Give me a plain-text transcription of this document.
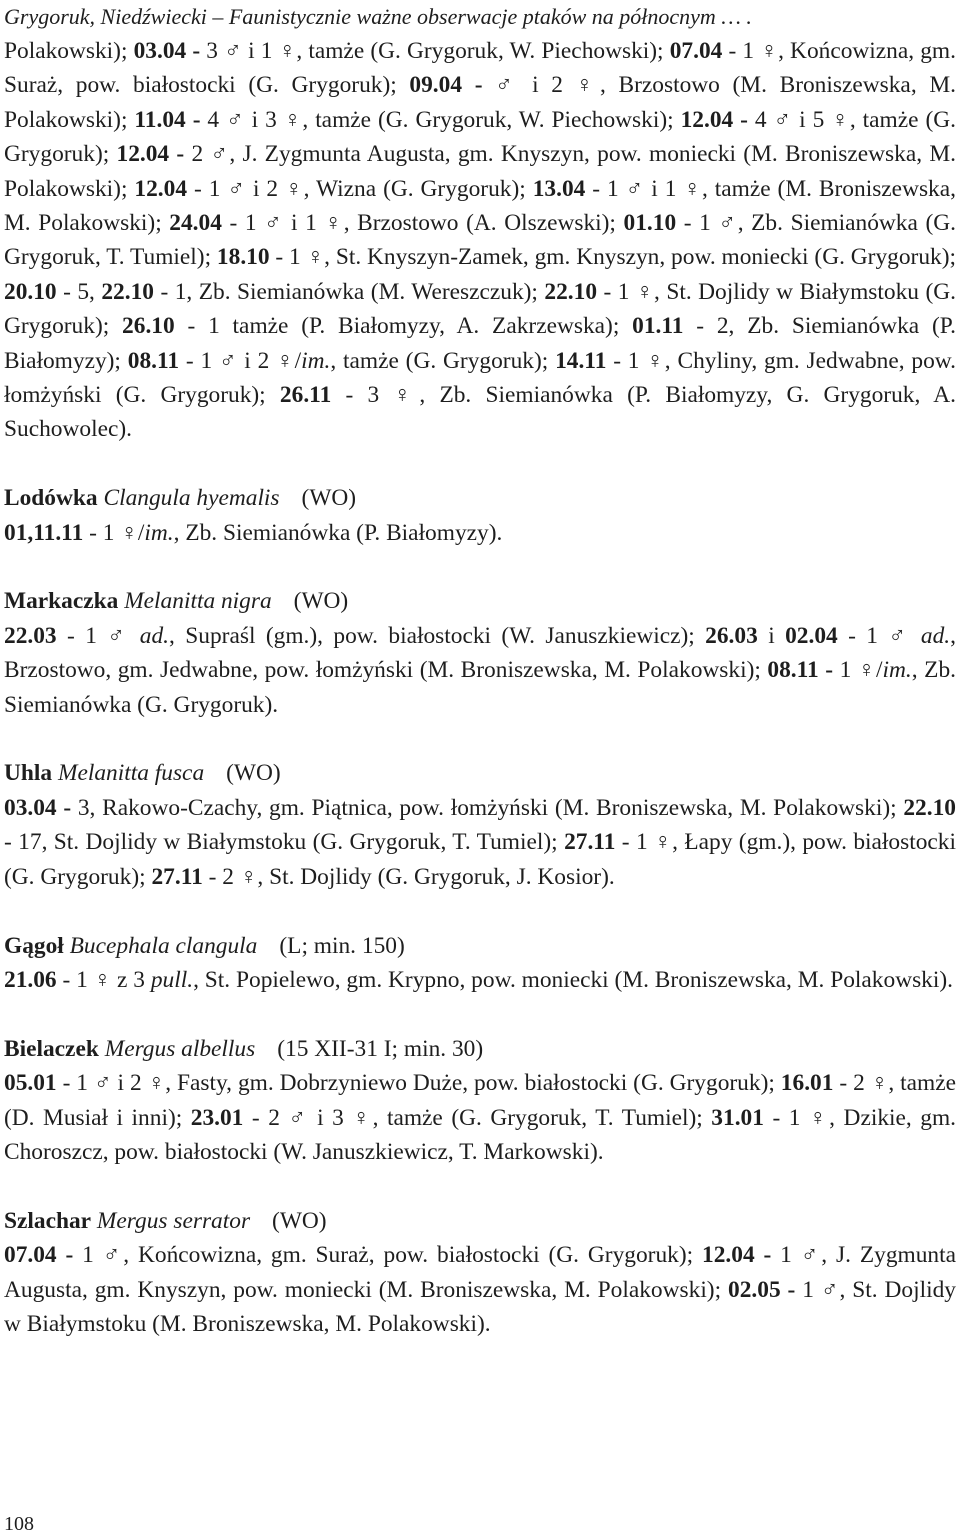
Grygoruk, Niedźwiecki – Faunistycznie ważne obserwacje ptaków na północnym … .

Polakowski); 03.04 - 3 ♂ i 1 ♀, tamże (G. Grygoruk, W. Piechowski); 07.04 - 1 ♀, Końcowizna, gm. Suraż, pow. białostocki (G. Grygoruk); 09.04 - ♂ i 2 ♀, Brzostowo (M. Broniszewska, M. Polakowski); 11.04 - 4 ♂ i 3 ♀, tamże (G. Grygoruk, W. Piechowski); 12.04 - 4 ♂ i 5 ♀, tamże (G. Grygoruk); 12.04 - 2 ♂, J. Zygmunta Augusta, gm. Knyszyn, pow. moniecki (M. Broniszewska, M. Polakowski); 12.04 - 1 ♂ i 2 ♀, Wizna (G. Grygoruk); 13.04 - 1 ♂ i 1 ♀, tamże (M. Broniszewska, M. Polakowski); 24.04 - 1 ♂ i 1 ♀, Brzostowo (A. Olszewski); 01.10 - 1 ♂, Zb. Siemianówka (G. Grygoruk, T. Tumiel); 18.10 - 1 ♀, St. Knyszyn-Zamek, gm. Knyszyn, pow. moniecki (G. Grygoruk); 20.10 - 5, 22.10 - 1, Zb. Siemianówka (M. Wereszczuk); 22.10 - 1 ♀, St. Dojlidy w Białymstoku (G. Grygoruk); 26.10 - 1 tamże (P. Białomyzy, A. Zakrzewska); 01.11 - 2, Zb. Siemianówka (P. Białomyzy); 08.11 - 1 ♂ i 2 ♀/im., tamże (G. Grygoruk); 14.11 - 1 ♀, Chyliny, gm. Jedwabne, pow. łomżyński (G. Grygoruk); 26.11 - 3 ♀, Zb. Siemianówka (P. Białomyzy, G. Grygoruk, A. Suchowolec).

Lodówka Clangula hyemalis (WO)

01,11.11 - 1 ♀/im., Zb. Siemianówka (P. Białomyzy).

Markaczka Melanitta nigra (WO)

22.03 - 1 ♂ ad., Supraśl (gm.), pow. białostocki (W. Januszkiewicz); 26.03 i 02.04 - 1 ♂ ad., Brzostowo, gm. Jedwabne, pow. łomżyński (M. Broniszewska, M. Polakowski); 08.11 - 1 ♀/im., Zb. Siemianówka (G. Grygoruk).

Uhla Melanitta fusca (WO)

03.04 - 3, Rakowo-Czachy, gm. Piątnica, pow. łomżyński (M. Broniszewska, M. Polakowski); 22.10 - 17, St. Dojlidy w Białymstoku (G. Grygoruk, T. Tumiel); 27.11 - 1 ♀, Łapy (gm.), pow. białostocki (G. Grygoruk); 27.11 - 2 ♀, St. Dojlidy (G. Grygoruk, J. Kosior).

Gągoł Bucephala clangula (L; min. 150)

21.06 - 1 ♀ z 3 pull., St. Popielewo, gm. Krypno, pow. moniecki (M. Broniszewska, M. Polakowski).

Bielaczek Mergus albellus (15 XII-31 I; min. 30)

05.01 - 1 ♂ i 2 ♀, Fasty, gm. Dobrzyniewo Duże, pow. białostocki (G. Grygoruk); 16.01 - 2 ♀, tamże (D. Musiał i inni); 23.01 - 2 ♂ i 3 ♀, tamże (G. Grygoruk, T. Tumiel); 31.01 - 1 ♀, Dzikie, gm. Choroszcz, pow. białostocki (W. Januszkiewicz, T. Markowski).

Szlachar Mergus serrator (WO)

07.04 - 1 ♂, Końcowizna, gm. Suraż, pow. białostocki (G. Grygoruk); 12.04 - 1 ♂, J. Zygmunta Augusta, gm. Knyszyn, pow. moniecki (M. Broniszewska, M. Polakowski); 02.05 - 1 ♂, St. Dojlidy w Białymstoku (M. Broniszewska, M. Polakowski).

108
